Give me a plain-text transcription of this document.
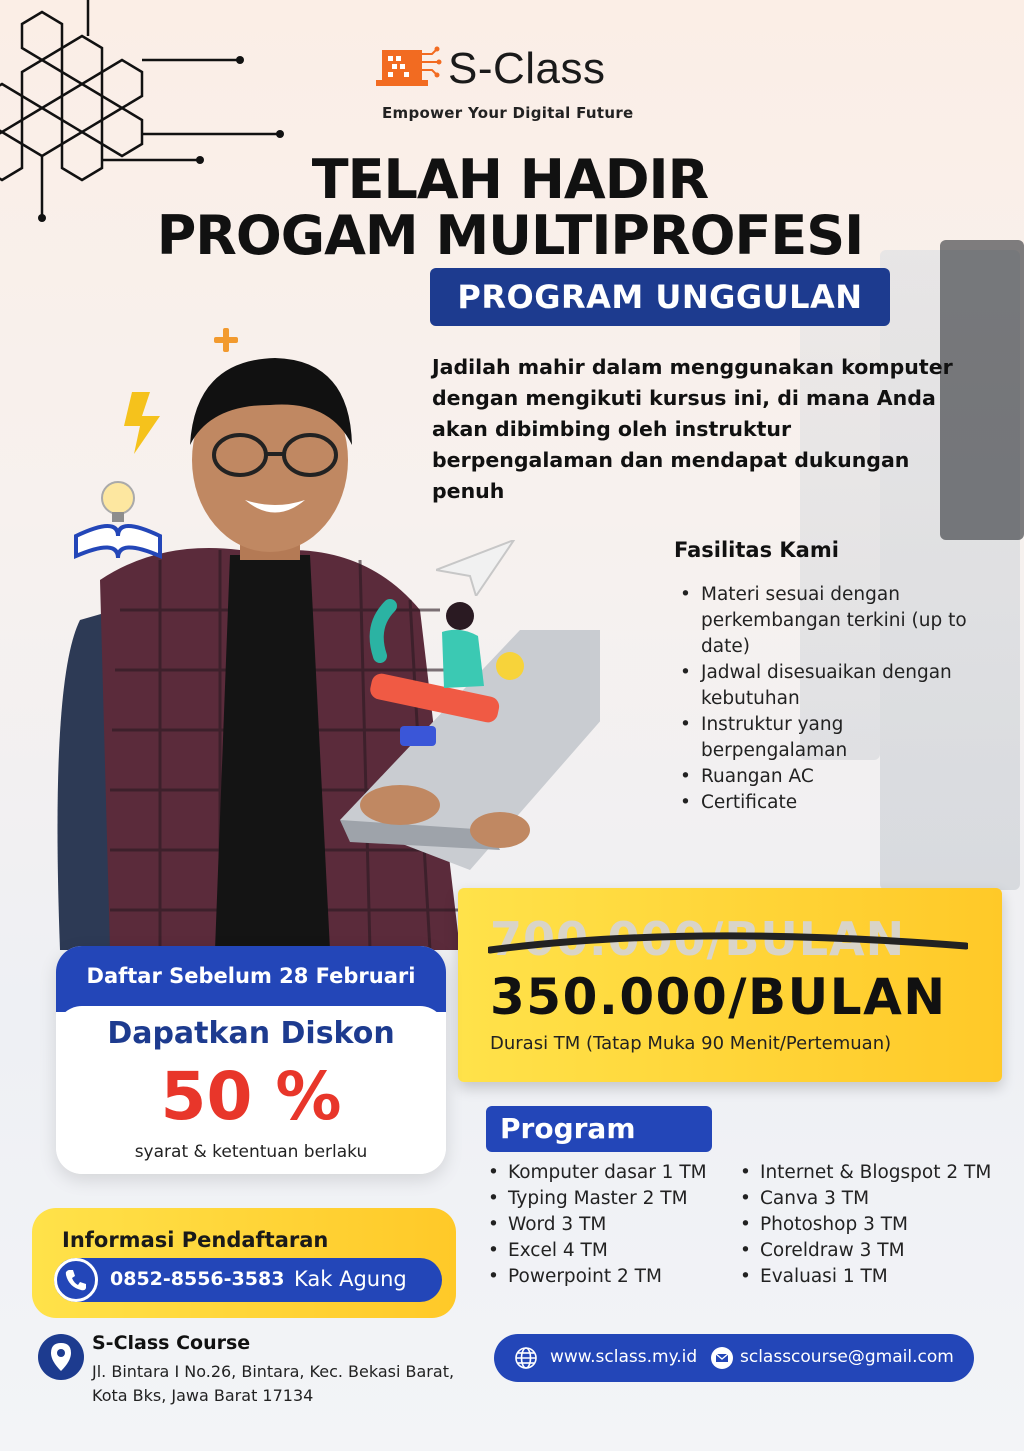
S-Class
Empower Your Digital Future
TELAH HADIR
PROGAM MULTIPROFESI
PROGRAM UNGGULAN
Jadilah mahir dalam menggunakan komputer dengan mengikuti kursus ini, di mana Anda akan dibimbing oleh instruktur berpengalaman dan mendapat dukungan penuh
Fasilitas Kami
• Materi sesuai dengan perkembangan terkini (up to date)
• Jadwal disesuaikan dengan kebutuhan
• Instruktur yang berpengalaman
• Ruangan AC
• Certificate
700.000/BULAN
350.000/BULAN
Durasi TM (Tatap Muka 90 Menit/Pertemuan)
Daftar Sebelum 28 Februari
Dapatkan Diskon
50 %
syarat & ketentuan berlaku
Program
• Komputer dasar 1 TM
• Typing Master 2 TM
• Word 3 TM
• Excel 4 TM
• Powerpoint 2 TM
• Internet & Blogspot 2 TM
• Canva 3 TM
• Photoshop 3 TM
• Coreldraw 3 TM
• Evaluasi 1 TM
Informasi Pendaftaran
0852-8556-3583 Kak Agung
S-Class Course
Jl. Bintara I No.26, Bintara, Kec. Bekasi Barat,
Kota Bks, Jawa Barat 17134
www.sclass.my.id	sclasscourse@gmail.com
